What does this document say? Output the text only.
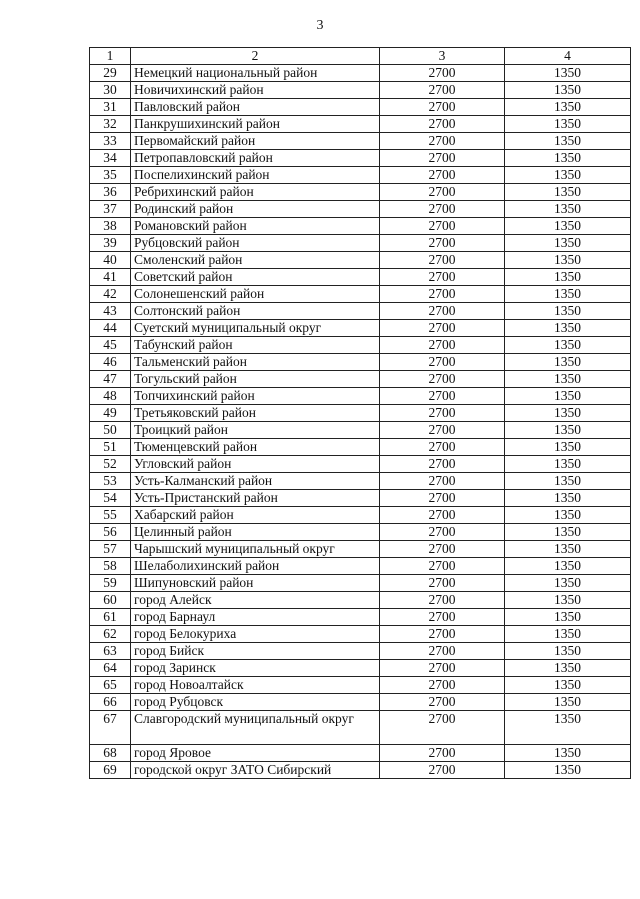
3
1	2	3	4
29	Немецкий национальный район	2700	1350
30	Новичихинский район	2700	1350
31	Павловский район	2700	1350
32	Панкрушихинский район	2700	1350
33	Первомайский район	2700	1350
34	Петропавловский район	2700	1350
35	Поспелихинский район	2700	1350
36	Ребрихинский район	2700	1350
37	Родинский район	2700	1350
38	Романовский район	2700	1350
39	Рубцовский район	2700	1350
40	Смоленский район	2700	1350
41	Советский район	2700	1350
42	Солонешенский район	2700	1350
43	Солтонский район	2700	1350
44	Суетский муниципальный округ	2700	1350
45	Табунский район	2700	1350
46	Тальменский район	2700	1350
47	Тогульский район	2700	1350
48	Топчихинский район	2700	1350
49	Третьяковский район	2700	1350
50	Троицкий район	2700	1350
51	Тюменцевский район	2700	1350
52	Угловский район	2700	1350
53	Усть-Калманский район	2700	1350
54	Усть-Пристанский район	2700	1350
55	Хабарский район	2700	1350
56	Целинный район	2700	1350
57	Чарышский муниципальный округ	2700	1350
58	Шелаболихинский район	2700	1350
59	Шипуновский район	2700	1350
60	город Алейск	2700	1350
61	город Барнаул	2700	1350
62	город Белокуриха	2700	1350
63	город Бийск	2700	1350
64	город Заринск	2700	1350
65	город Новоалтайск	2700	1350
66	город Рубцовск	2700	1350
67	Славгородский муниципальный округ	2700	1350
68	город Яровое	2700	1350
69	городской округ ЗАТО Сибирский	2700	1350
